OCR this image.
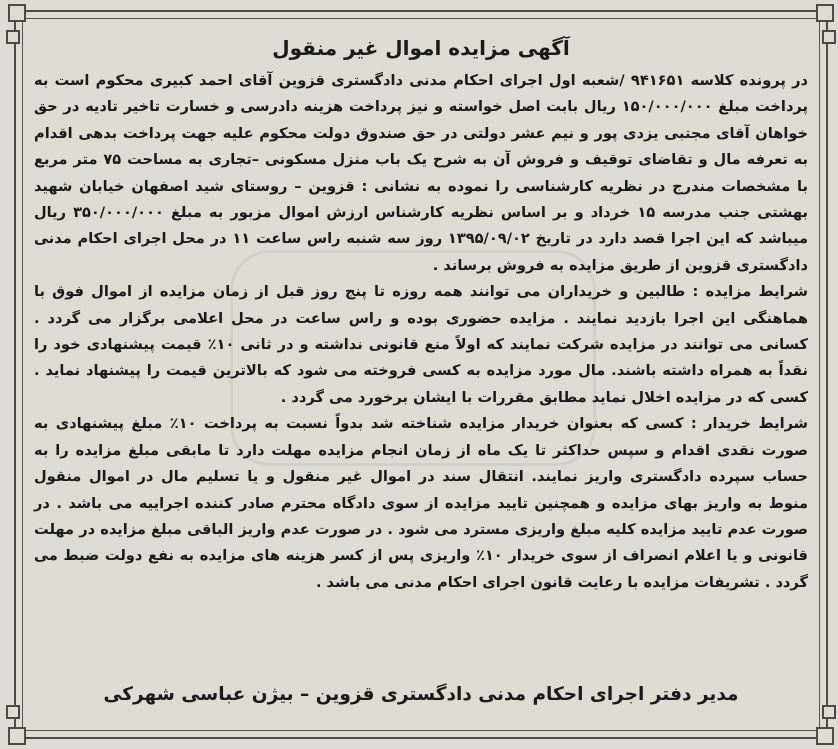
آگهی مزایده اموال غیر منقول

در پرونده کلاسه ۹۴۱۶۵۱ /شعبه اول اجرای احکام مدنی دادگستری قزوین آقای احمد کبیری محکوم است به پرداخت مبلغ ۱۵۰/۰۰۰/۰۰۰ ریال بابت اصل خواسته و نیز پرداخت هزینه دادرسی و خسارت تاخیر تادیه در حق خواهان آقای مجتبی یزدی پور و نیم عشر دولتی در حق صندوق دولت محکوم علیه جهت پرداخت بدهی اقدام به تعرفه مال و تقاضای توقیف و فروش آن به شرح یک باب منزل مسکونی –تجاری به مساحت ۷۵ متر مربع با مشخصات مندرج در نظریه کارشناسی را نموده به نشانی : قزوین – روستای شید اصفهان خیابان شهید بهشتی جنب مدرسه ۱۵ خرداد و بر اساس نظریه کارشناس ارزش اموال مزبور به مبلغ ۳۵۰/۰۰۰/۰۰۰ ریال میباشد که این اجرا قصد دارد در تاریخ ۱۳۹۵/۰۹/۰۲ روز سه شنبه راس ساعت ۱۱ در محل اجرای احکام مدنی دادگستری قزوین از طریق مزایده به فروش برساند .

شرایط مزایده : طالبین و خریداران می توانند همه روزه تا پنج روز قبل از زمان مزایده از اموال فوق با هماهنگی این اجرا بازدید نمایند . مزایده حضوری بوده و راس ساعت در محل اعلامی برگزار می گردد . کسانی می توانند در مزایده شرکت نمایند که اولاً منع قانونی نداشته و در ثانی ۱۰٪ قیمت پیشنهادی خود را نقداً به همراه داشته باشند. مال مورد مزایده به کسی فروخته می شود که بالاترین قیمت را پیشنهاد نماید . کسی که در مزایده اخلال نماید مطابق مقررات با ایشان برخورد می گردد .

شرایط خریدار : کسی که بعنوان خریدار مزایده شناخته شد بدواً نسبت به پرداخت ۱۰٪ مبلغ پیشنهادی به صورت نقدی اقدام و سپس حداکثر تا یک ماه از زمان انجام مزایده مهلت دارد تا مابقی مبلغ مزایده را به حساب سپرده دادگستری واریز نمایند. انتقال سند در اموال غیر منقول و یا تسلیم مال در اموال منقول منوط به واریز بهای مزایده و همچنین تایید مزایده از سوی دادگاه محترم صادر کننده اجراییه می باشد . در صورت عدم تایید مزایده کلیه مبلغ واریزی مسترد می شود . در صورت عدم واریز الباقی مبلغ مزایده در مهلت قانونی و یا اعلام انصراف از سوی خریدار ۱۰٪ واریزی پس از کسر هزینه های مزایده به نفع دولت ضبط می گردد . تشریفات مزایده با رعایت قانون اجرای احکام مدنی می باشد .

مدیر دفتر اجرای احکام مدنی دادگستری قزوین – بیژن عباسی شهرکی
